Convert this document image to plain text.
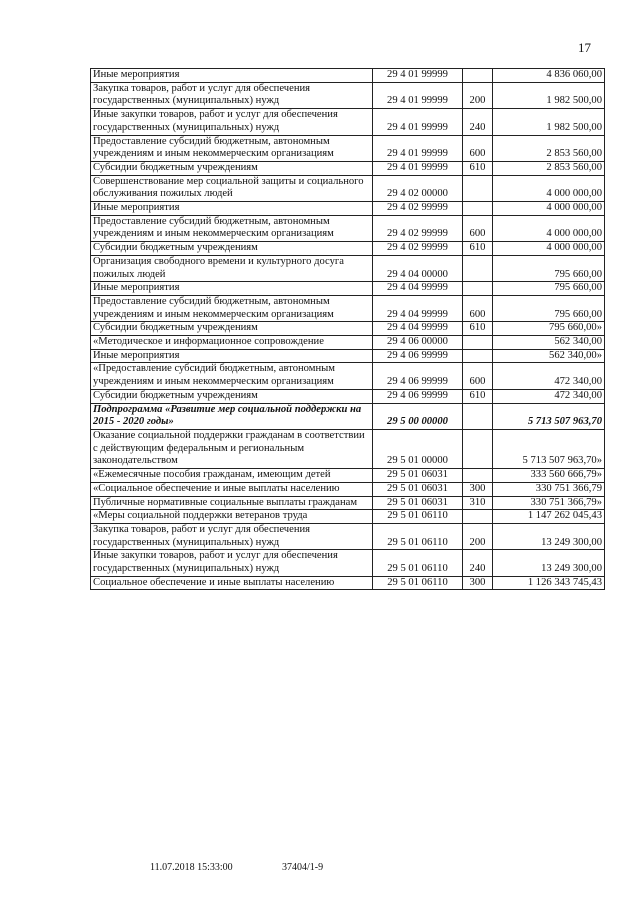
17
Иные мероприятия	29 4 01 99999		4 836 060,00
Закупка товаров, работ и услуг для обеспечения государственных (муниципальных) нужд	29 4 01 99999	200	1 982 500,00
Иные закупки товаров, работ и услуг для обеспечения государственных (муниципальных) нужд	29 4 01 99999	240	1 982 500,00
Предоставление субсидий бюджетным, автономным учреждениям и иным некоммерческим организациям	29 4 01 99999	600	2 853 560,00
Субсидии бюджетным учреждениям	29 4 01 99999	610	2 853 560,00
Совершенствование мер социальной защиты и социального обслуживания пожилых людей	29 4 02 00000		4 000 000,00
Иные мероприятия	29 4 02 99999		4 000 000,00
Предоставление субсидий бюджетным, автономным учреждениям и иным некоммерческим организациям	29 4 02 99999	600	4 000 000,00
Субсидии бюджетным учреждениям	29 4 02 99999	610	4 000 000,00
Организация свободного времени и культурного досуга пожилых людей	29 4 04 00000		795 660,00
Иные мероприятия	29 4 04 99999		795 660,00
Предоставление субсидий бюджетным, автономным учреждениям и иным некоммерческим организациям	29 4 04 99999	600	795 660,00
Субсидии бюджетным учреждениям	29 4 04 99999	610	795 660,00»
«Методическое и информационное сопровождение	29 4 06 00000		562 340,00
Иные мероприятия	29 4 06 99999		562 340,00»
«Предоставление субсидий бюджетным, автономным учреждениям и иным некоммерческим организациям	29 4 06 99999	600	472 340,00
Субсидии бюджетным учреждениям	29 4 06 99999	610	472 340,00
Подпрограмма «Развитие мер социальной поддержки на 2015 - 2020 годы»	29 5 00 00000		5 713 507 963,70
Оказание социальной поддержки гражданам в соответствии с действующим федеральным и региональным законодательством	29 5 01 00000		5 713 507 963,70»
«Ежемесячные пособия гражданам, имеющим детей	29 5 01 06031		333 560 666,79»
«Социальное обеспечение и иные выплаты населению	29 5 01 06031	300	330 751 366,79
Публичные нормативные социальные выплаты гражданам	29 5 01 06031	310	330 751 366,79»
«Меры социальной поддержки ветеранов труда	29 5 01 06110		1 147 262 045,43
Закупка товаров, работ и услуг для обеспечения государственных (муниципальных) нужд	29 5 01 06110	200	13 249 300,00
Иные закупки товаров, работ и услуг для обеспечения государственных (муниципальных) нужд	29 5 01 06110	240	13 249 300,00
Социальное обеспечение и иные выплаты населению	29 5 01 06110	300	1 126 343 745,43
11.07.2018 15:33:00	37404/1-9
